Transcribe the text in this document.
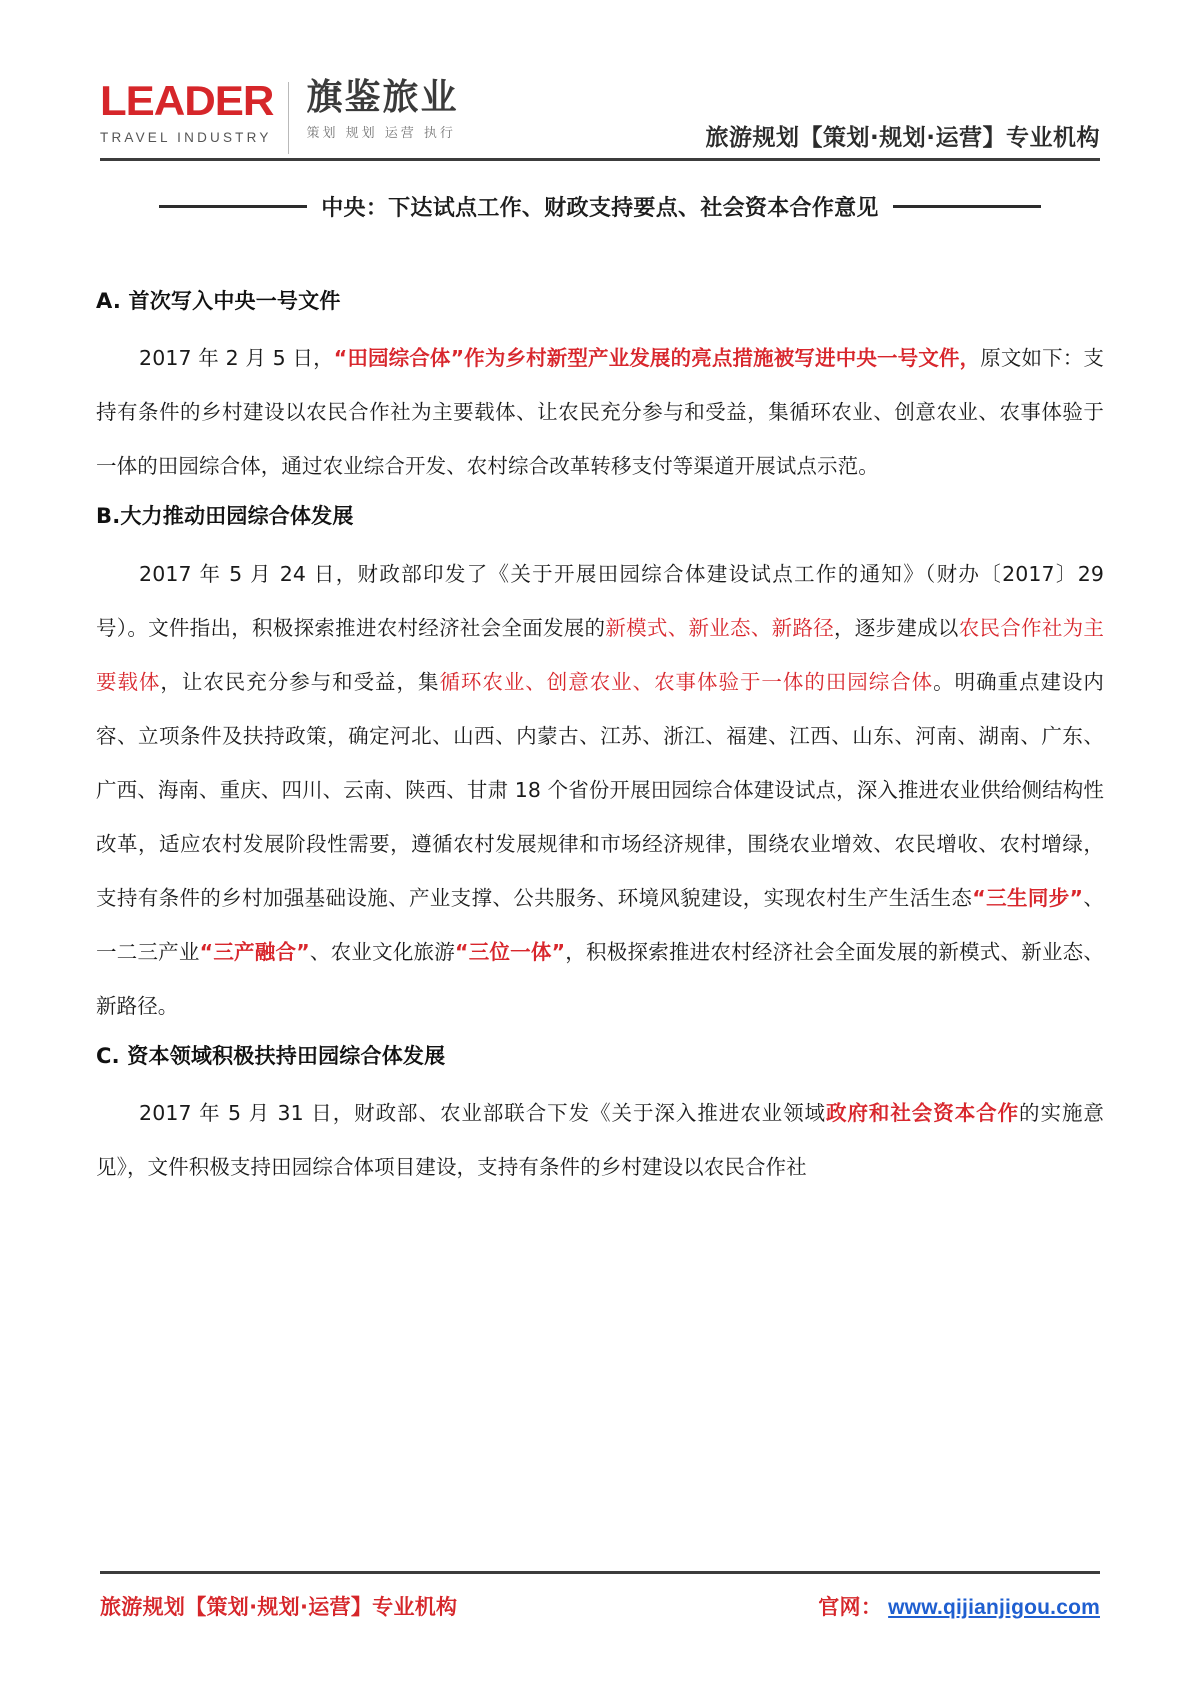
LEADER
TRAVEL INDUSTRY
旗鉴旅业
策划 规划 运营 执行	旅游规划【策划·规划·运营】专业机构
中央：下达试点工作、财政支持要点、社会资本合作意见
A. 首次写入中央一号文件

2017 年 2 月 5 日，“田园综合体”作为乡村新型产业发展的亮点措施被写进中央一号文件，原文如下：支持有条件的乡村建设以农民合作社为主要载体、让农民充分参与和受益，集循环农业、创意农业、农事体验于一体的田园综合体，通过农业综合开发、农村综合改革转移支付等渠道开展试点示范。

B.大力推动田园综合体发展

2017 年 5 月 24 日，财政部印发了《关于开展田园综合体建设试点工作的通知》（财办〔2017〕29 号）。文件指出，积极探索推进农村经济社会全面发展的新模式、新业态、新路径，逐步建成以农民合作社为主要载体，让农民充分参与和受益，集循环农业、创意农业、农事体验于一体的田园综合体。明确重点建设内容、立项条件及扶持政策，确定河北、山西、内蒙古、江苏、浙江、福建、江西、山东、河南、湖南、广东、广西、海南、重庆、四川、云南、陕西、甘肃 18 个省份开展田园综合体建设试点，深入推进农业供给侧结构性改革，适应农村发展阶段性需要，遵循农村发展规律和市场经济规律，围绕农业增效、农民增收、农村增绿，支持有条件的乡村加强基础设施、产业支撑、公共服务、环境风貌建设，实现农村生产生活生态“三生同步”、一二三产业“三产融合”、农业文化旅游“三位一体”，积极探索推进农村经济社会全面发展的新模式、新业态、新路径。

C. 资本领域积极扶持田园综合体发展

2017 年 5 月 31 日，财政部、农业部联合下发《关于深入推进农业领域政府和社会资本合作的实施意见》，文件积极支持田园综合体项目建设，支持有条件的乡村建设以农民合作社

旅游规划【策划·规划·运营】专业机构	官网： www.qijianjigou.com
